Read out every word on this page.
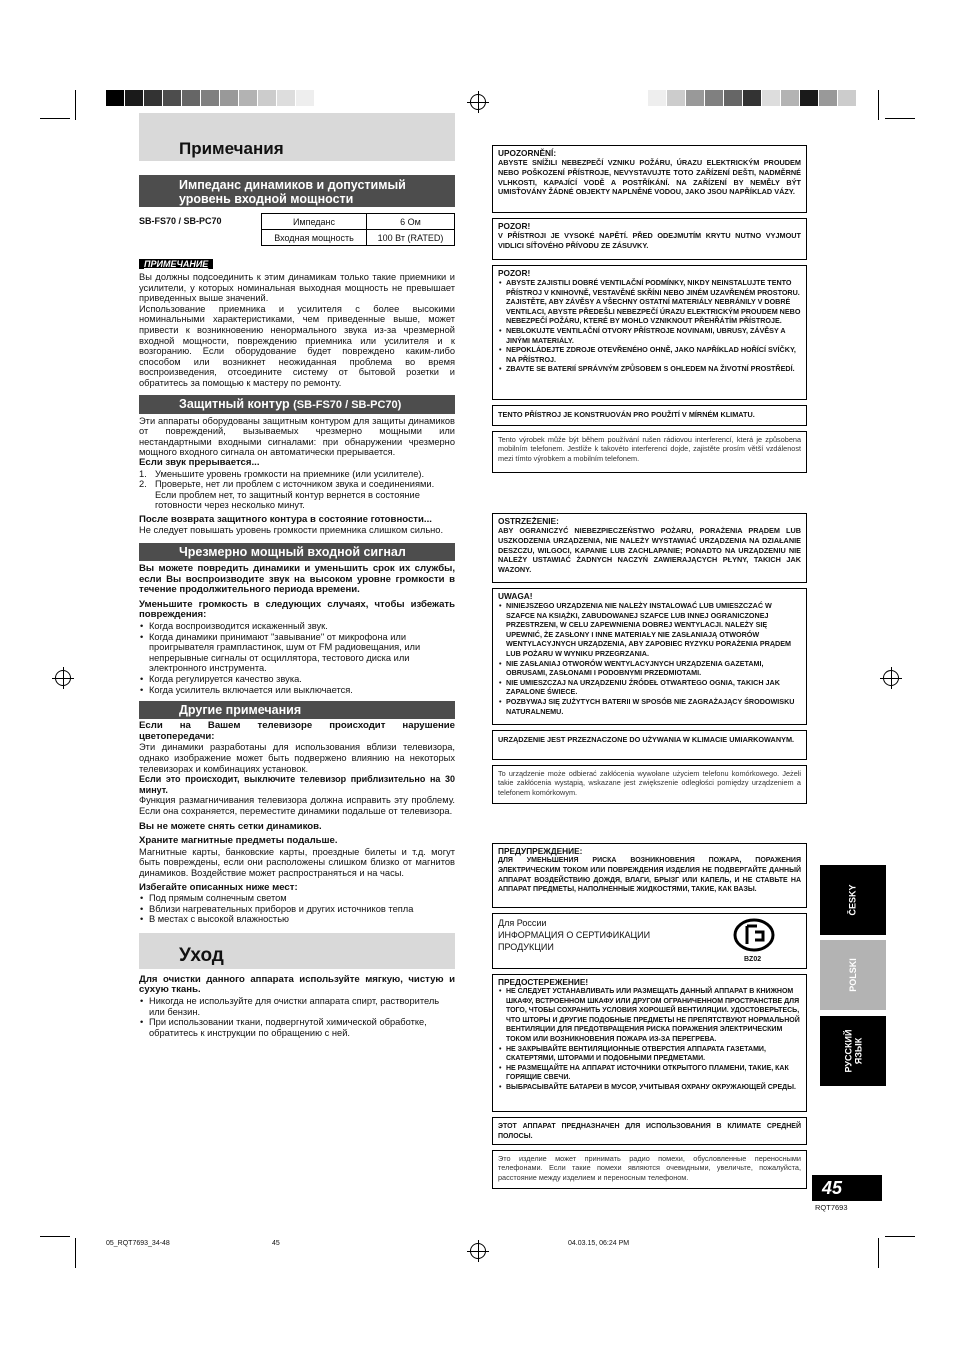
Примечания
Импеданс динамиков и допустимый уровень входной мощности
SB-FS70 / SB-PC70	Импеданс	6 Ом
Входная мощность	100 Вт (RATED)
ПРИМЕЧАНИЕ

Вы должны подсоединить к этим динамикам только такие приемники и усилители, у которых номинальная выходная мощность не превышает приведенных выше значений.

Использование приемника и усилителя с более высокими номинальными характеристиками, чем приведенные выше, может привести к возникновению ненормального звука из-за чрезмерной входной мощности, повреждению приемника или усилителя и к возгоранию. Если оборудование будет повреждено каким-либо способом или возникнет неожиданная проблема во время воспроизведения, отсоедините систему от бытовой розетки и обратитесь за помощью к мастеру по ремонту.

Защитный контур (SB-FS70 / SB-PC70)

Эти аппараты оборудованы защитным контуром для защиты динамиков от повреждений, вызываемых чрезмерно мощными или нестандартными входными сигналами: при обнаружении чрезмерно мощного входного сигнала он автоматически прерывается.

Если звук прерывается...

1. Уменьшите уровень громкости на приемнике (или усилителе).
2. Проверьте, нет ли проблем с источником звука и соединениями.
Если проблем нет, то защитный контур вернется в состояние готовности через несколько минут.

После возврата защитного контура в состояние готовности...

Не следует повышать уровень громкости приемника слишком сильно.

Чрезмерно мощный входной сигнал

Вы можете повредить динамики и уменьшить срок их службы, если Вы воспроизводите звук на высоком уровне громкости в течение продолжительного периода времени.

Уменьшите громкость в следующих случаях, чтобы избежать повреждения:

• Когда воспроизводится искаженный звук.
• Когда динамики принимают "завывание" от микрофона или проигрывателя грампластинок, шум от FM радиовещания, или непрерывные сигналы от осциллятора, тестового диска или электронного инструмента.
• Когда регулируется качество звука.
• Когда усилитель включается или выключается.
Другие примечания

Если на Вашем телевизоре происходит нарушение цветопередачи:

Эти динамики разработаны для использования вблизи телевизора, однако изображение может быть подвержено влиянию на некоторых телевизорах и комбинациях установок.

Если это происходит, выключите телевизор приблизительно на 30 минут.

Функция размагничивания телевизора должна исправить эту проблему. Если она сохраняется, переместите динамики подальше от телевизора.

Вы не можете снять сетки динамиков.

Храните магнитные предметы подальше.

Магнитные карты, банковские карты, проездные билеты и т.д. могут быть повреждены, если они расположены слишком близко от магнитов динамиков. Воздействие может распространяться и на часы.

Избегайте описанных ниже мест:

• Под прямым солнечным светом
• Вблизи нагревательных приборов и других источников тепла
• В местах с высокой влажностью
Уход

Для очистки данного аппарата используйте мягкую, чистую и сухую ткань.

• Никогда не используйте для очистки аппарата спирт, растворитель или бензин.
• При использовании ткани, подвергнутой химической обработке, обратитесь к инструкции по обращению с ней.
UPOZORNĚNÍ:
ABYSTE SNÍŽILI NEBEZPEČÍ VZNIKU POŽÁRU, ÚRAZU ELEKTRICKÝM PROUDEM NEBO POŠKOZENÍ PŘÍSTROJE, NEVYSTAVUJTE TOTO ZAŘÍZENÍ DEŠTI, NADMĚRNÉ VLHKOSTI, KAPAJÍCÍ VODĚ A POSTŘÍKÁNÍ. NA ZAŘÍZENÍ BY NEMĚLY BÝT UMISŤOVÁNY ŽÁDNÉ OBJEKTY NAPLNĚNÉ VODOU, JAKO JSOU NAPŘÍKLAD VÁZY.
POZOR!
V PŘÍSTROJI JE VYSOKÉ NAPĚTÍ. PŘED ODEJMUTÍM KRYTU NUTNO VYJMOUT VIDLICI SÍŤOVÉHO PŘÍVODU ZE ZÁSUVKY.
POZOR!
• ABYSTE ZAJISTILI DOBRÉ VENTILAČNÍ PODMÍNKY, NIKDY NEINSTALUJTE TENTO PŘÍSTROJ V KNIHOVNĚ, VESTAVĚNÉ SKŘÍNI NEBO JINÉM UZAVŘENÉM PROSTORU. ZAJISTĚTE, ABY ZÁVĚSY A VŠECHNY OSTATNÍ MATERIÁLY NEBRÁNILY V DOBRÉ VENTILACI, ABYSTE PŘEDEŠLI NEBEZPEČÍ ÚRAZU ELEKTRICKÝM PROUDEM NEBO NEBEZPEČÍ POŽÁRU, KTERÉ BY MOHLO VZNIKNOUT PŘEHŘÁTÍM PŘÍSTROJE.
• NEBLOKUJTE VENTILAČNÍ OTVORY PŘÍSTROJE NOVINAMI, UBRUSY, ZÁVĚSY A JINÝMI MATERIÁLY.
• NEPOKLÁDEJTE ZDROJE OTEVŘENÉHO OHNĚ, JAKO NAPŘÍKLAD HOŘÍCÍ SVÍČKY, NA PŘÍSTROJ.
• ZBAVTE SE BATERIÍ SPRÁVNÝM ZPŮSOBEM S OHLEDEM NA ŽIVOTNÍ PROSTŘEDÍ.
TENTO PŘÍSTROJ JE KONSTRUOVÁN PRO POUŽITÍ V MÍRNÉM KLIMATU.
Tento výrobek může být během používání rušen rádiovou interferencí, která je způsobena mobilním telefonem. Jestliže k takovéto interferenci dojde, zajistěte prosím větší vzdálenost mezi tímto výrobkem a mobilním telefonem.
OSTRZEŻENIE:
ABY OGRANICZYĆ NIEBEZPIECZEŃSTWO POŻARU, PORAŻENIA PRĄDEM LUB USZKODZENIA URZĄDZENIA, NIE NALEŻY WYSTAWIAĆ URZĄDZENIA NA DZIAŁANIE DESZCZU, WILGOCI, KAPANIE LUB ZACHLAPANIE; PONADTO NA URZĄDZENIU NIE NALEŻY USTAWIAĆ ŻADNYCH NACZYŃ ZAWIERAJĄCYCH PŁYNY, TAKICH JAK WAZONY.
UWAGA!
• NINIEJSZEGO URZĄDZENIA NIE NALEŻY INSTALOWAĆ LUB UMIESZCZAĆ W SZAFCE NA KSIĄŻKI, ZABUDOWANEJ SZAFCE LUB INNEJ OGRANICZONEJ PRZESTRZENI, W CELU ZAPEWNIENIA DOBREJ WENTYLACJI. NALEŻY SIĘ UPEWNIĆ, ŻE ZASŁONY I INNE MATERIAŁY NIE ZASŁANIAJĄ OTWORÓW WENTYLACYJNYCH URZĄDZENIA, ABY ZAPOBIEC RYZYKU PORAŻENIA PRĄDEM LUB POŻARU W WYNIKU PRZEGRZANIA.
• NIE ZASŁANIAJ OTWORÓW WENTYLACYJNYCH URZĄDZENIA GAZETAMI, OBRUSAMI, ZASŁONAMI I PODOBNYMI PRZEDMIOTAMI.
• NIE UMIESZCZAJ NA URZĄDZENIU ŹRÓDEŁ OTWARTEGO OGNIA, TAKICH JAK ZAPALONE ŚWIECE.
• POZBYWAJ SIĘ ZUŻYTYCH BATERII W SPOSÓB NIE ZAGRAŻAJĄCY ŚRODOWISKU NATURALNEMU.
URZĄDZENIE JEST PRZEZNACZONE DO UŻYWANIA W KLIMACIE UMIARKOWANYM.
To urządzenie może odbierać zakłócenia wywołane użyciem telefonu komórkowego. Jeżeli takie zakłócenia wystąpią, wskazane jest zwiększenie odległości pomiędzy urządzeniem a telefonem komórkowym.
ПРЕДУПРЕЖДЕНИЕ:
ДЛЯ УМЕНЬШЕНИЯ РИСКА ВОЗНИКНОВЕНИЯ ПОЖАРА, ПОРАЖЕНИЯ ЭЛЕКТРИЧЕСКИМ ТОКОМ ИЛИ ПОВРЕЖДЕНИЯ ИЗДЕЛИЯ НЕ ПОДВЕРГАЙТЕ ДАННЫЙ АППАРАТ ВОЗДЕЙСТВИЮ ДОЖДЯ, ВЛАГИ, БРЫЗГ ИЛИ КАПЕЛЬ, И НЕ СТАВЬТЕ НА АППАРАТ ПРЕДМЕТЫ, НАПОЛНЕННЫЕ ЖИДКОСТЯМИ, ТАКИЕ, КАК ВАЗЫ.
Для России
ИНФОРМАЦИЯ О СЕРТИФИКАЦИИ
ПРОДУКЦИИ
BZ02
ПРЕДОСТЕРЕЖЕНИЕ!
• НЕ СЛЕДУЕТ УСТАНАВЛИВАТЬ ИЛИ РАЗМЕЩАТЬ ДАННЫЙ АППАРАТ В КНИЖНОМ ШКАФУ, ВСТРОЕННОМ ШКАФУ ИЛИ ДРУГОМ ОГРАНИЧЕННОМ ПРОСТРАНСТВЕ ДЛЯ ТОГО, ЧТОБЫ СОХРАНИТЬ УСЛОВИЯ ХОРОШЕЙ ВЕНТИЛЯЦИИ. УДОСТОВЕРЬТЕСЬ, ЧТО ШТОРЫ И ДРУГИЕ ПОДОБНЫЕ ПРЕДМЕТЫ НЕ ПРЕПЯТСТВУЮТ НОРМАЛЬНОЙ ВЕНТИЛЯЦИИ ДЛЯ ПРЕДОТВРАЩЕНИЯ РИСКА ПОРАЖЕНИЯ ЭЛЕКТРИЧЕСКИМ ТОКОМ ИЛИ ВОЗНИКНОВЕНИЯ ПОЖАРА ИЗ-ЗА ПЕРЕГРЕВА.
• НЕ ЗАКРЫВАЙТЕ ВЕНТИЛЯЦИОННЫЕ ОТВЕРСТИЯ АППАРАТА ГАЗЕТАМИ, СКАТЕРТЯМИ, ШТОРАМИ И ПОДОБНЫМИ ПРЕДМЕТАМИ.
• НЕ РАЗМЕЩАЙТЕ НА АППАРАТ ИСТОЧНИКИ ОТКРЫТОГО ПЛАМЕНИ, ТАКИЕ, КАК ГОРЯЩИЕ СВЕЧИ.
• ВЫБРАСЫВАЙТЕ БАТАРЕИ В МУСОР, УЧИТЫВАЯ ОХРАНУ ОКРУЖАЮЩЕЙ СРЕДЫ.
ЭТОТ АППАРАТ ПРЕДНАЗНАЧЕН ДЛЯ ИСПОЛЬЗОВАНИЯ В КЛИМАТЕ СРЕДНЕЙ ПОЛОСЫ.
Это изделие может принимать радио помехи, обусловленные переносными телефонами. Если такие помехи являются очевидными, увеличьте, пожалуйста, расстояние между изделием и переносным телефоном.
ČESKY
POLSKI
РУССКИЙ ЯЗЫК
45
RQT7693
05_RQT7693_34-48	45	04.03.15, 06:24 PM
